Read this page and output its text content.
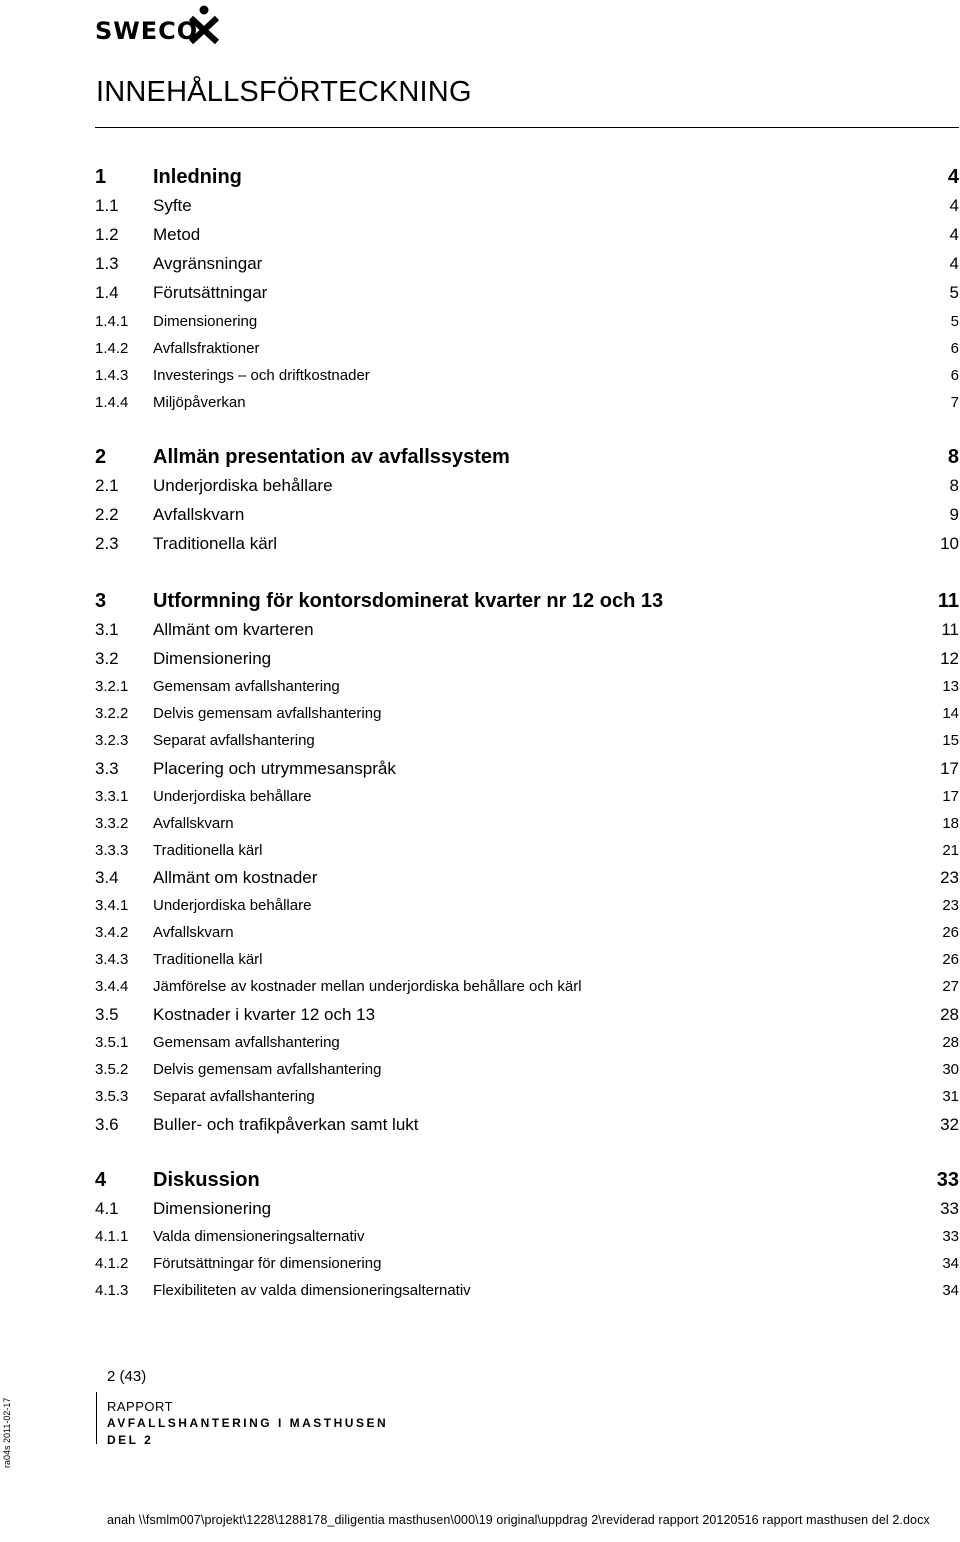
SWECO
INNEHÅLLSFÖRTECKNING
1 Inledning	4
1.1 Syfte	4
1.2 Metod	4
1.3 Avgränsningar	4
1.4 Förutsättningar	5
1.4.1 Dimensionering	5
1.4.2 Avfallsfraktioner	6
1.4.3 Investerings – och driftkostnader	6
1.4.4 Miljöpåverkan	7
2 Allmän presentation av avfallssystem	8
2.1 Underjordiska behållare	8
2.2 Avfallskvarn	9
2.3 Traditionella kärl	10
3 Utformning för kontorsdominerat kvarter nr 12 och 13	11
3.1 Allmänt om kvarteren	11
3.2 Dimensionering	12
3.2.1 Gemensam avfallshantering	13
3.2.2 Delvis gemensam avfallshantering	14
3.2.3 Separat avfallshantering	15
3.3 Placering och utrymmesanspråk	17
3.3.1 Underjordiska behållare	17
3.3.2 Avfallskvarn	18
3.3.3 Traditionella kärl	21
3.4 Allmänt om kostnader	23
3.4.1 Underjordiska behållare	23
3.4.2 Avfallskvarn	26
3.4.3 Traditionella kärl	26
3.4.4 Jämförelse av kostnader mellan underjordiska behållare och kärl	27
3.5 Kostnader i kvarter 12 och 13	28
3.5.1 Gemensam avfallshantering	28
3.5.2 Delvis gemensam avfallshantering	30
3.5.3 Separat avfallshantering	31
3.6 Buller- och trafikpåverkan samt lukt	32
4 Diskussion	33
4.1 Dimensionering	33
4.1.1 Valda dimensioneringsalternativ	33
4.1.2 Förutsättningar för dimensionering	34
4.1.3 Flexibiliteten av valda dimensioneringsalternativ	34
2 (43)
RAPPORT
AVFALLSHANTERING I MASTHUSEN
DEL 2
ra04s 2011-02-17
anah \\fsmlm007\projekt\1228\1288178_diligentia masthusen\000\19 original\uppdrag 2\reviderad rapport 20120516 rapport masthusen del 2.docx
